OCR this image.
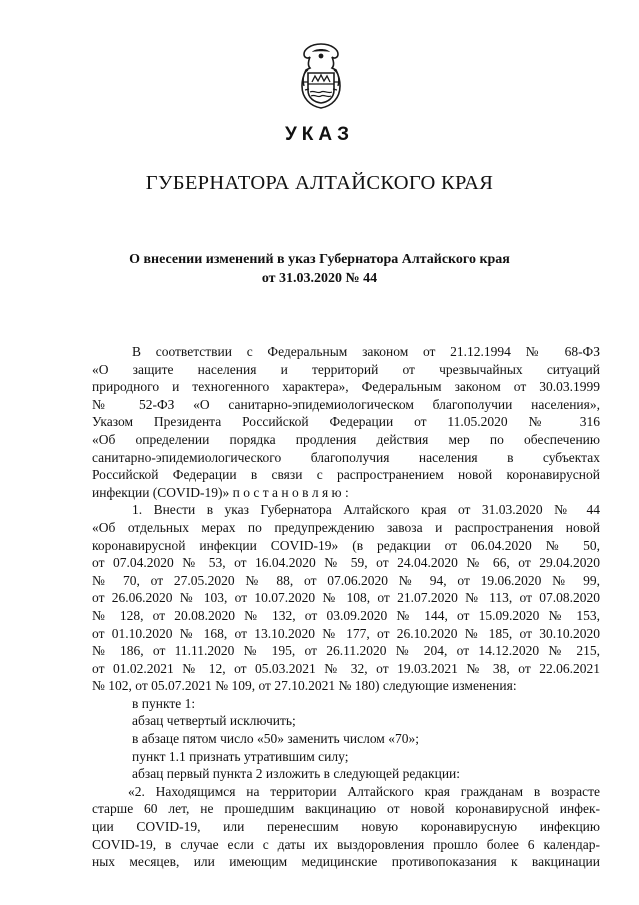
УКАЗ
ГУБЕРНАТОРА АЛТАЙСКОГО КРАЯ
О внесении изменений в указ Губернатора Алтайского края
от 31.03.2020 № 44
В соответствии с Федеральным законом от 21.12.1994 № 68-ФЗ
«О защите населения и территорий от чрезвычайных ситуаций
природного и техногенного характера», Федеральным законом от 30.03.1999
№ 52-ФЗ «О санитарно-эпидемиологическом благополучии населения»,
Указом Президента Российской Федерации от 11.05.2020 № 316
«Об определении порядка продления действия мер по обеспечению
санитарно-эпидемиологического благополучия населения в субъектах
Российской Федерации в связи с распространением новой коронавирусной
инфекции (COVID-19)» п о с т а н о в л я ю :
1. Внести в указ Губернатора Алтайского края от 31.03.2020 № 44
«Об отдельных мерах по предупреждению завоза и распространения новой
коронавирусной инфекции COVID-19» (в редакции от 06.04.2020 № 50,
от 07.04.2020 № 53, от 16.04.2020 № 59, от 24.04.2020 № 66, от 29.04.2020
№ 70, от 27.05.2020 № 88, от 07.06.2020 № 94, от 19.06.2020 № 99,
от 26.06.2020 № 103, от 10.07.2020 № 108, от 21.07.2020 № 113, от 07.08.2020
№ 128, от 20.08.2020 № 132, от 03.09.2020 № 144, от 15.09.2020 № 153,
от 01.10.2020 № 168, от 13.10.2020 № 177, от 26.10.2020 № 185, от 30.10.2020
№ 186, от 11.11.2020 № 195, от 26.11.2020 № 204, от 14.12.2020 № 215,
от 01.02.2021 № 12, от 05.03.2021 № 32, от 19.03.2021 № 38, от 22.06.2021
№ 102, от 05.07.2021 № 109, от 27.10.2021 № 180) следующие изменения:
в пункте 1:
абзац четвертый исключить;
в абзаце пятом число «50» заменить числом «70»;
пункт 1.1 признать утратившим силу;
абзац первый пункта 2 изложить в следующей редакции:
«2. Находящимся на территории Алтайского края гражданам в возрасте
старше 60 лет, не прошедшим вакцинацию от новой коронавирусной инфек-
ции COVID-19, или перенесшим новую коронавирусную инфекцию
COVID-19, в случае если с даты их выздоровления прошло более 6 календар-
ных месяцев, или имеющим медицинские противопоказания к вакцинации
